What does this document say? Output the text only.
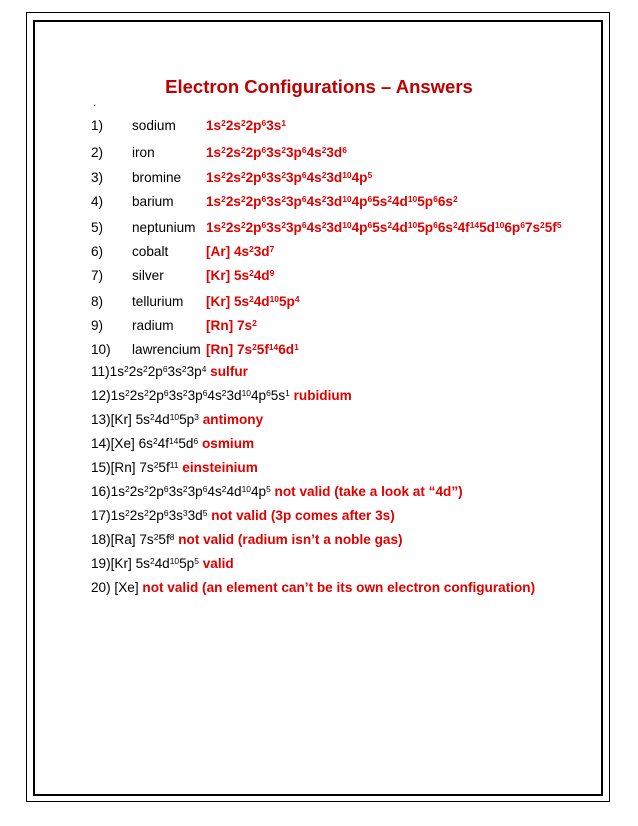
Electron Configurations – Answers
.
1) sodium $1s^22s^22p^63s^1$
2) iron	$1s^22s^22p^63s^23p^64s^23d^6$
3) bromine $1s^22s^22p^63s^23p^64s^23d^{10}4p^5$
4) barium $1s^22s^22p^63s^23p^64s^23d^{10}4p^65s^24d^{10}5p^66s^2$
5) neptunium $1s^22s^22p^63s^23p^64s^23d^{10}4p^65s^24d^{10}5p^66s^24f^{14}5d^{10}6p^67s^25f^5$
6) cobalt	[Ar] $4s^23d^7$
7) silver	[Kr] $5s^24d^9$
8) tellurium [Kr] $5s^24d^{10}5p^4$
9) radium [Rn] $7s^2$
10) lawrencium [Rn] $7s^25f^{14}6d^1$
$11)1s^22s^22p^63s^23p^4$ sulfur
$12)1s^22s^22p^63s^23p^64s^23d^{10}4p^65s^1$ rubidium
13)[Kr] $5s^24d^{10}5p^3$ antimony
14)[Xe] $6s^24f^{14}5d^6$ osmium
15)[Rn] $7s^25f^{11}$ einsteinium
$16)1s^22s^22p^63s^23p^64s^24d^{10}4p^5$ not valid (take a look at “4d”)
$17)1s^22s^22p^63s^33d^5$ not valid (3p comes after 3s)
18)[Ra] $7s^25f^8$ not valid (radium isn’t a noble gas)
19)[Kr] $5s^24d^{10}5p^5$ valid
20) [Xe] not valid (an element can’t be its own electron configuration)
